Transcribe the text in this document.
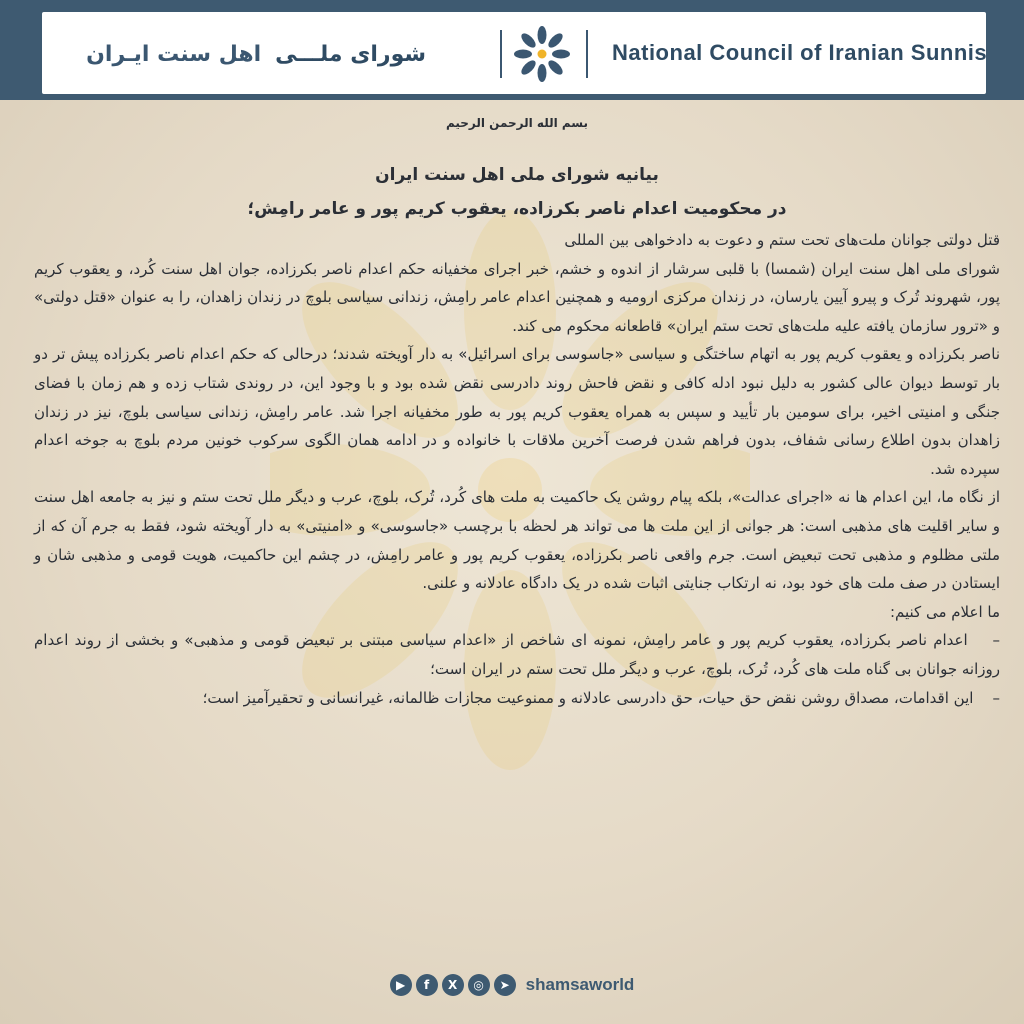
شورای ملـــی
اهل سنت ایـران	National Council of Iranian Sunnis
بسم الله الرحمن الرحیم
بیانیه شورای ملی اهل سنت ایران
در محکومیت اعدام ناصر بکرزاده، یعقوب کریم پور و عامر رامِش؛

قتل دولتی جوانان ملت‌های تحت ستم و دعوت به دادخواهی بین المللی

شورای ملی اهل سنت ایران (شمسا) با قلبی سرشار از اندوه و خشم، خبر اجرای مخفیانه حکم اعدام ناصر بکرزاده، جوان اهل سنت کُرد، و یعقوب کریم پور، شهروند تُرک و پیرو آیین یارسان، در زندان مرکزی ارومیه و همچنین اعدام عامر رامِش، زندانی سیاسی بلوچ در زندان زاهدان، را به عنوان «قتل دولتی» و «ترور سازمان یافته علیه ملت‌های تحت ستم ایران» قاطعانه محکوم می کند.

ناصر بکرزاده و یعقوب کریم پور به اتهام ساختگی و سیاسی «جاسوسی برای اسرائیل» به دار آویخته شدند؛ درحالی که حکم اعدام ناصر بکرزاده پیش تر دو بار توسط دیوان عالی کشور به دلیل نبود ادله کافی و نقض فاحش روند دادرسی نقض شده بود و با وجود این، در روندی شتاب زده و هم زمان با فضای جنگی و امنیتی اخیر، برای سومین بار تأیید و سپس به همراه یعقوب کریم پور به طور مخفیانه اجرا شد. عامر رامِش، زندانی سیاسی بلوچ، نیز در زندان زاهدان بدون اطلاع رسانی شفاف، بدون فراهم شدن فرصت آخرین ملاقات با خانواده و در ادامه همان الگوی سرکوب خونین مردم بلوچ به جوخه اعدام سپرده شد.

از نگاه ما، این اعدام ها نه «اجرای عدالت»، بلکه پیام روشن یک حاکمیت به ملت های کُرد، تُرک، بلوچ، عرب و دیگر ملل تحت ستم و نیز به جامعه اهل سنت و سایر اقلیت های مذهبی است: هر جوانی از این ملت ها می تواند هر لحظه با برچسب «جاسوسی» و «امنیتی» به دار آویخته شود، فقط به جرم آن که از ملتی مظلوم و مذهبی تحت تبعیض است. جرم واقعی ناصر بکرزاده، یعقوب کریم پور و عامر رامِش، در چشم این حاکمیت، هویت قومی و مذهبی شان و ایستادن در صف ملت های خود بود، نه ارتکاب جنایتی اثبات شده در یک دادگاه عادلانه و علنی.

ما اعلام می کنیم:

–    اعدام ناصر بکرزاده، یعقوب کریم پور و عامر رامِش، نمونه ای شاخص از «اعدام سیاسی مبتنی بر تبعیض قومی و مذهبی» و بخشی از روند اعدام روزانه جوانان بی گناه ملت های کُرد، تُرک، بلوچ، عرب و دیگر ملل تحت ستم در ایران است؛

–    این اقدامات، مصداق روشن نقض حق حیات، حق دادرسی عادلانه و ممنوعیت مجازات ظالمانه، غیرانسانی و تحقیرآمیز است؛

▶	f	X	◎	➤ shamsaworld
